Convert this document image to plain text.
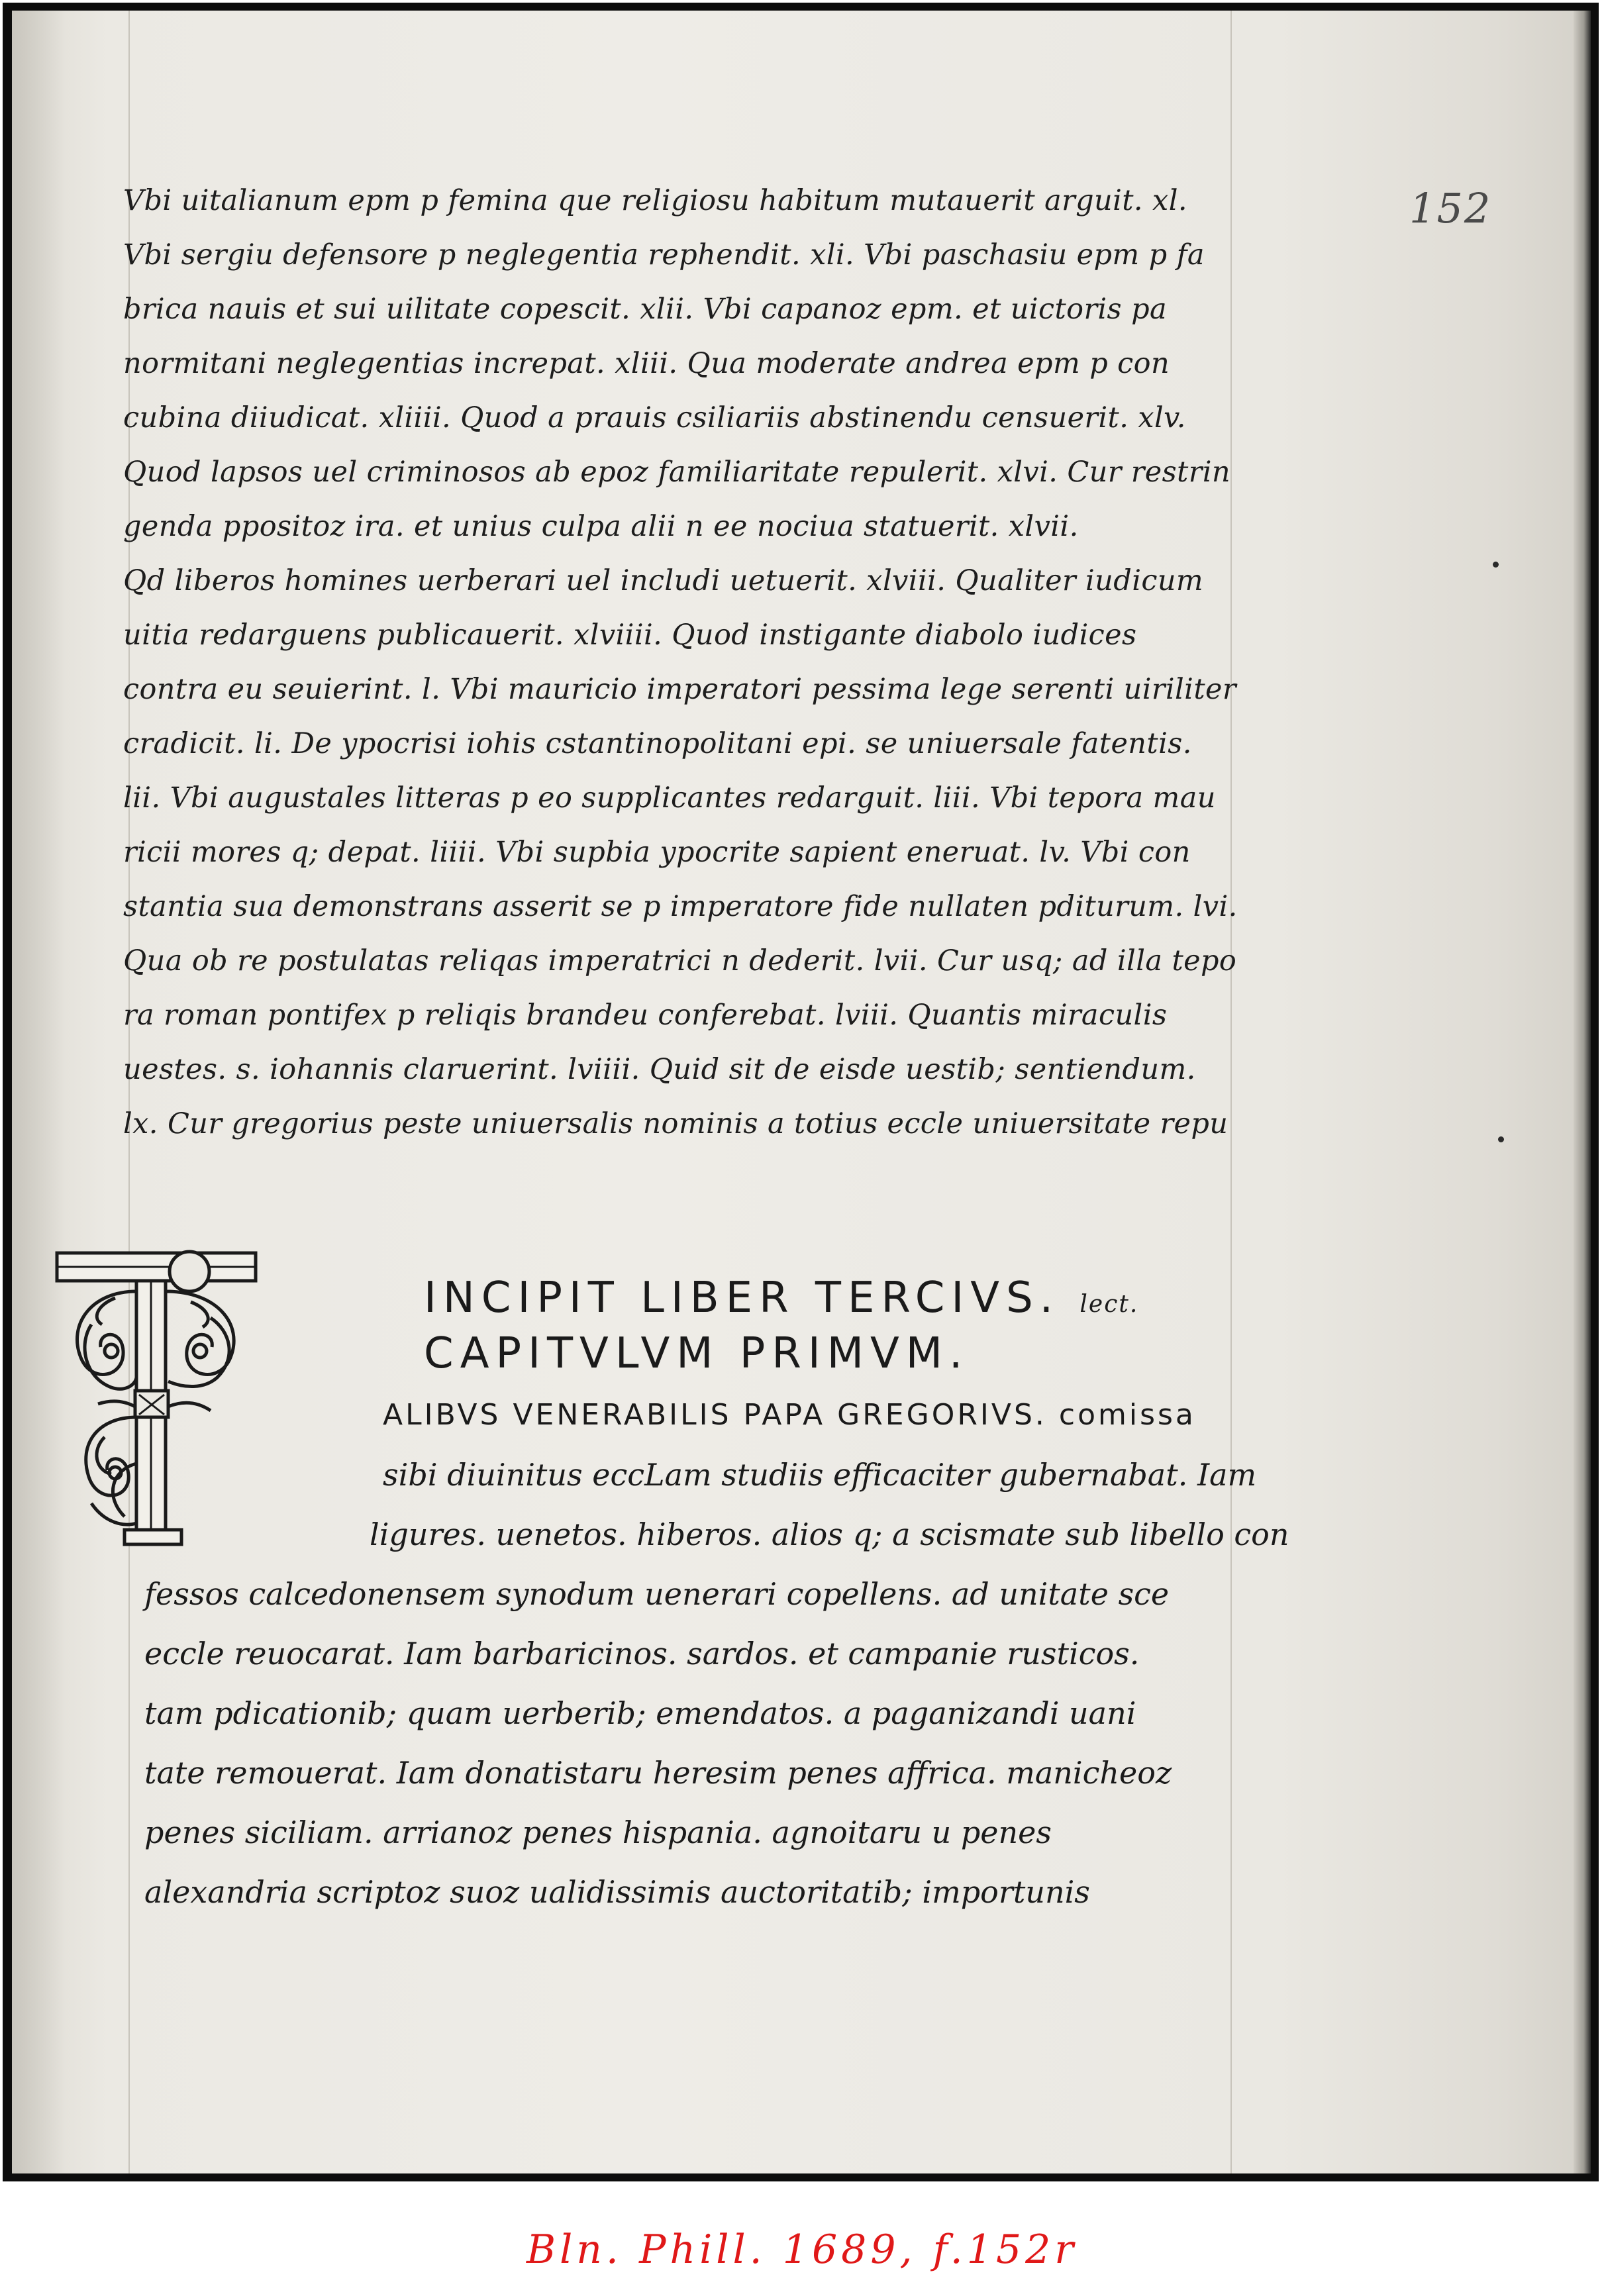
152
Vbi uitalianum epm p femina que religiosu habitum mutauerit arguit. xl.
Vbi sergiu defensore p neglegentia rephendit. xli. Vbi paschasiu epm p fa
brica nauis et sui uilitate copescit. xlii. Vbi capanoz epm. et uictoris pa
normitani neglegentias increpat. xliii. Qua moderate andrea epm p con
cubina diiudicat. xliiii. Quod a prauis csiliariis abstinendu censuerit. xlv.
Quod lapsos uel criminosos ab epoz familiaritate repulerit. xlvi. Cur restrin
genda ppositoz ira. et unius culpa alii n ee nociua statuerit. xlvii.
Qd liberos homines uerberari uel includi uetuerit. xlviii. Qualiter iudicum
uitia redarguens publicauerit. xlviiii. Quod instigante diabolo iudices
contra eu seuierint. l. Vbi mauricio imperatori pessima lege serenti uiriliter
cradicit. li. De ypocrisi iohis cstantinopolitani epi. se uniuersale fatentis.
lii. Vbi augustales litteras p eo supplicantes redarguit. liii. Vbi tepora mau
ricii mores q; depat. liiii. Vbi supbia ypocrite sapient eneruat. lv. Vbi con
stantia sua demonstrans asserit se p imperatore fide nullaten pditurum. lvi.
Qua ob re postulatas reliqas imperatrici n dederit. lvii. Cur usq; ad illa tepo
ra roman pontifex p reliqis brandeu conferebat. lviii. Quantis miraculis
uestes. s. iohannis claruerint. lviiii. Quid sit de eisde uestib; sentiendum.
lx. Cur gregorius peste uniuersalis nominis a totius eccle uniuersitate repu
INCIPIT LIBER TERCIVS. lect.
CAPITVLVM PRIMVM.
ALIBVS VENERABILIS PAPA GREGORIVS. comissa
sibi diuinitus eccLam studiis efficaciter gubernabat. Iam
ligures. uenetos. hiberos. alios q; a scismate sub libello con
fessos calcedonensem synodum uenerari copellens. ad unitate sce
eccle reuocarat. Iam barbaricinos. sardos. et campanie rusticos.
tam pdicationib; quam uerberib; emendatos. a paganizandi uani
tate remouerat. Iam donatistaru heresim penes affrica. manicheoz
penes siciliam. arrianoz penes hispania. agnoitaru u penes
alexandria scriptoz suoz ualidissimis auctoritatib; importunis
Bln. Phill. 1689, f.152r
